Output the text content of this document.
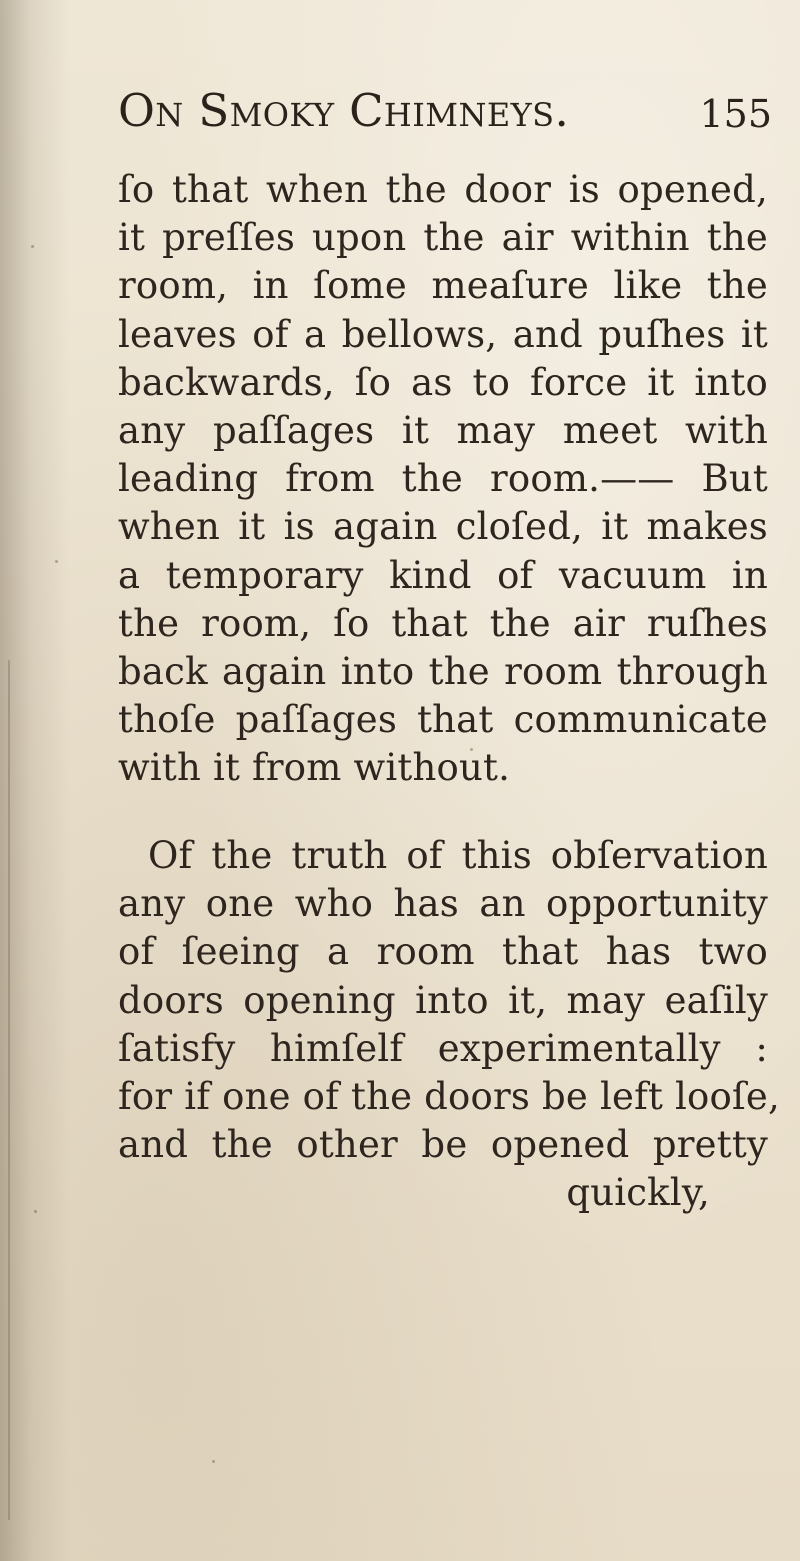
On Smoky Chimneys.	155
ſo that when the door is opened,
it preſſes upon the air within the
room, in ſome meaſure like the
leaves of a bellows, and puſhes it
backwards, ſo as to force it into
any paſſages it may meet with
leading from the room.—— But
when it is again cloſed, it makes
a temporary kind of vacuum in
the room, ſo that the air ruſhes
back again into the room through
thoſe paſſages that communicate
with it from without.
Of the truth of this obſervation
any one who has an opportunity
of ſeeing a room that has two
doors opening into it, may eaſily
ſatisfy himſelf experimentally :
for if one of the doors be left looſe,
and the other be opened pretty
quickly,
